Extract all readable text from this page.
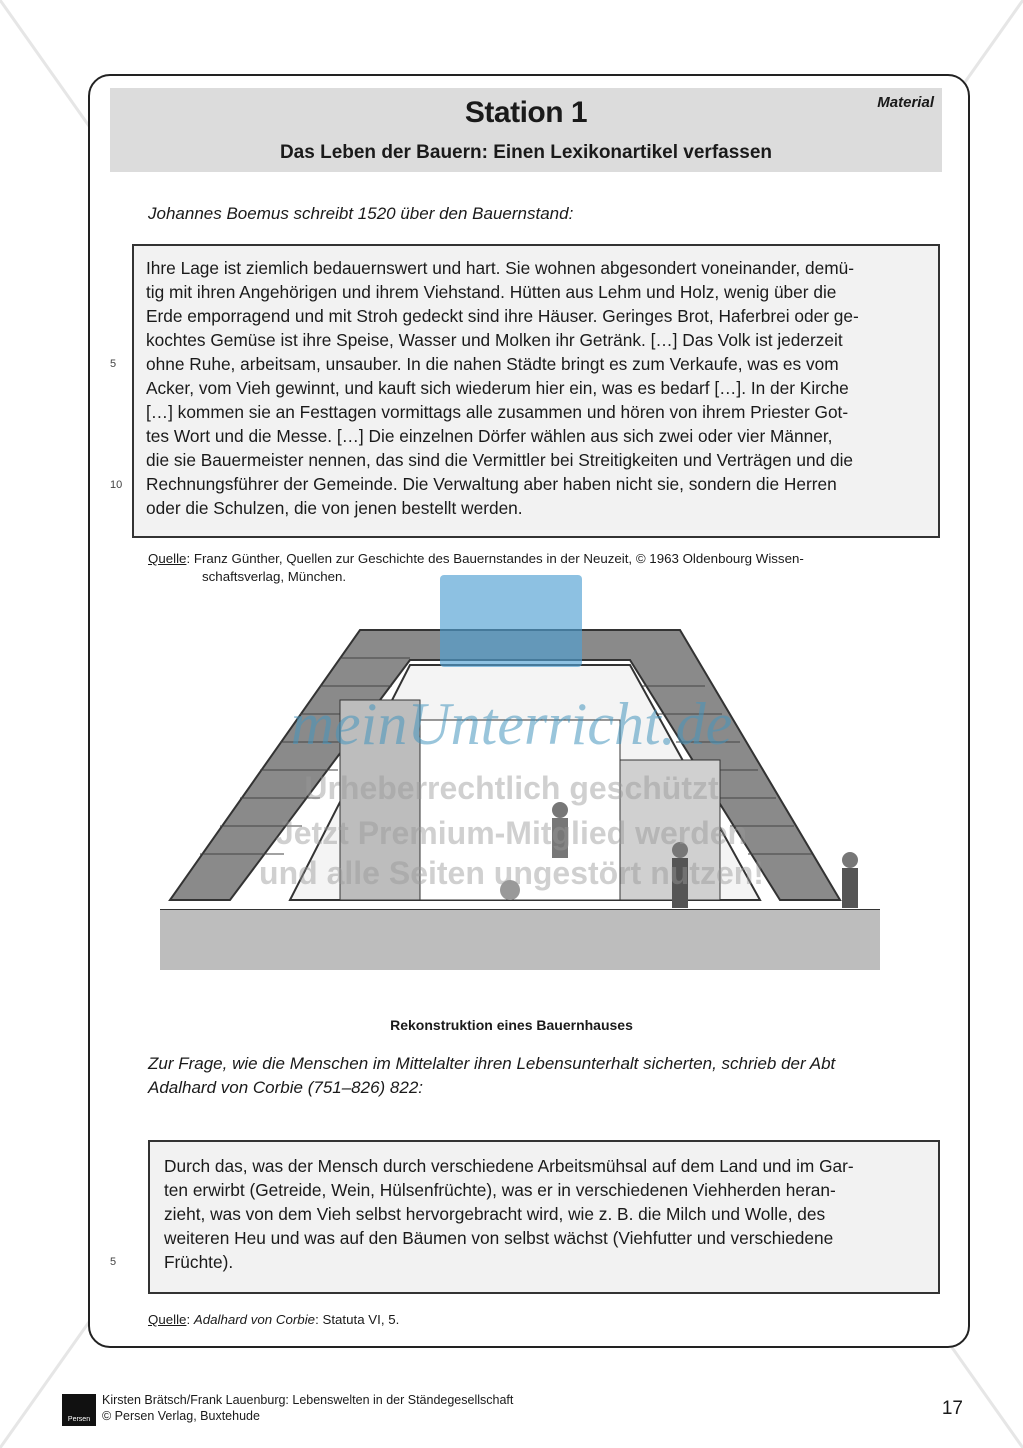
Station 1	Material
Das Leben der Bauern: Einen Lexikonartikel verfassen
Johannes Boemus schreibt 1520 über den Bauernstand:
Ihre Lage ist ziemlich bedauernswert und hart. Sie wohnen abgesondert voneinander, demü-
tig mit ihren Angehörigen und ihrem Viehstand. Hütten aus Lehm und Holz, wenig über die
Erde emporragend und mit Stroh gedeckt sind ihre Häuser. Geringes Brot, Haferbrei oder ge-
kochtes Gemüse ist ihre Speise, Wasser und Molken ihr Getränk. […] Das Volk ist jederzeit
ohne Ruhe, arbeitsam, unsauber. In die nahen Städte bringt es zum Verkaufe, was es vom
Acker, vom Vieh gewinnt, und kauft sich wiederum hier ein, was es bedarf […]. In der Kirche
[…] kommen sie an Festtagen vormittags alle zusammen und hören von ihrem Priester Got-
tes Wort und die Messe. […] Die einzelnen Dörfer wählen aus sich zwei oder vier Männer,
die sie Bauermeister nennen, das sind die Vermittler bei Streitigkeiten und Verträgen und die
Rechnungsführer der Gemeinde. Die Verwaltung aber haben nicht sie, sondern die Herren
oder die Schulzen, die von jenen bestellt werden.
5
10
Quelle: Franz Günther, Quellen zur Geschichte des Bauernstandes in der Neuzeit, © 1963 Oldenbourg Wissen-
schaftsverlag, München.
Rekonstruktion eines Bauernhauses
meinUnterricht.de
Urheberrechtlich geschützt
Jetzt Premium-Mitglied werden
und alle Seiten ungestört nutzen!
Zur Frage, wie die Menschen im Mittelalter ihren Lebensunterhalt sicherten, schrieb der Abt
Adalhard von Corbie (751–826) 822:
Durch das, was der Mensch durch verschiedene Arbeitsmühsal auf dem Land und im Gar-
ten erwirbt (Getreide, Wein, Hülsenfrüchte), was er in verschiedenen Viehherden heran-
zieht, was von dem Vieh selbst hervorgebracht wird, wie z. B. die Milch und Wolle, des
weiteren Heu und was auf den Bäumen von selbst wächst (Viehfutter und verschiedene
Früchte).
5
Quelle: Adalhard von Corbie: Statuta VI, 5.
Persen
Kirsten Brätsch/Frank Lauenburg: Lebenswelten in der Ständegesellschaft
© Persen Verlag, Buxtehude	17
